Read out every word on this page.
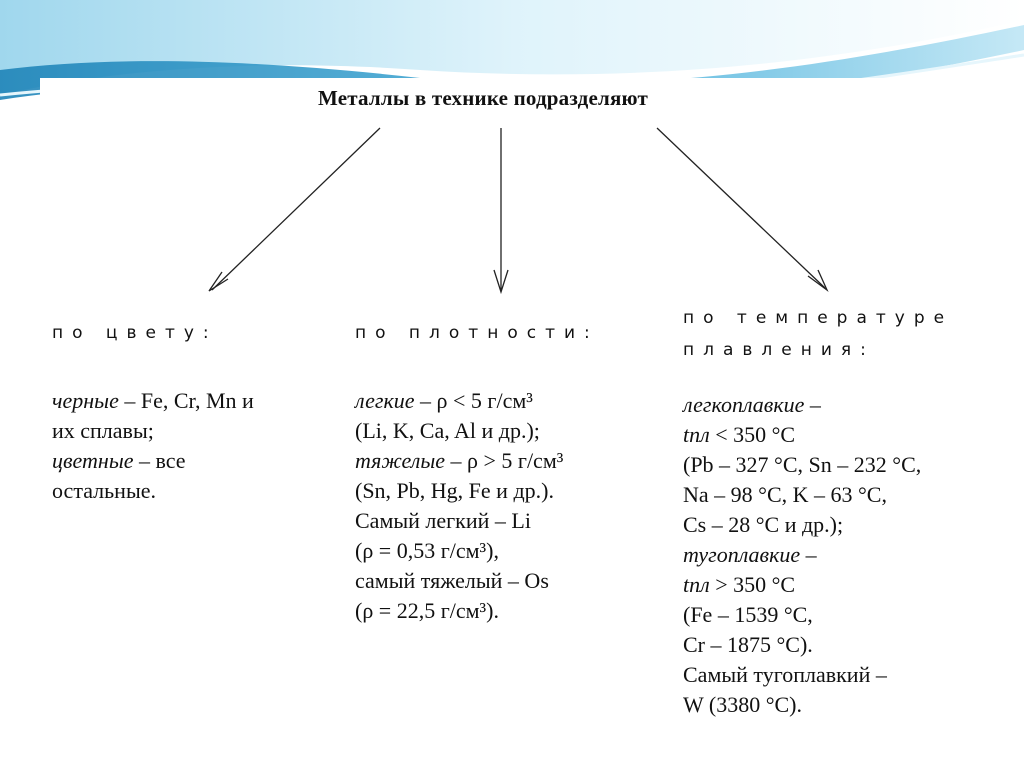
Металлы в технике подразделяют
по цвету:
черные – Fe, Cr, Mn и
их сплавы;
цветные – все
остальные.
по плотности:
легкие – ρ < 5 г/см³
(Li, K, Ca, Al и др.);
тяжелые – ρ > 5 г/см³
(Sn, Pb, Hg, Fe и др.).
Самый легкий – Li
(ρ = 0,53 г/см³),
самый тяжелый – Os
(ρ = 22,5 г/см³).
по температуре
плавления:
легкоплавкие –
tпл < 350 °C
(Pb – 327 °C, Sn – 232 °C,
Na – 98 °C, K – 63 °C,
Cs – 28 °C и др.);
тугоплавкие –
tпл > 350 °C
(Fe – 1539 °C,
Cr – 1875 °C).
Самый тугоплавкий –
W (3380 °C).
